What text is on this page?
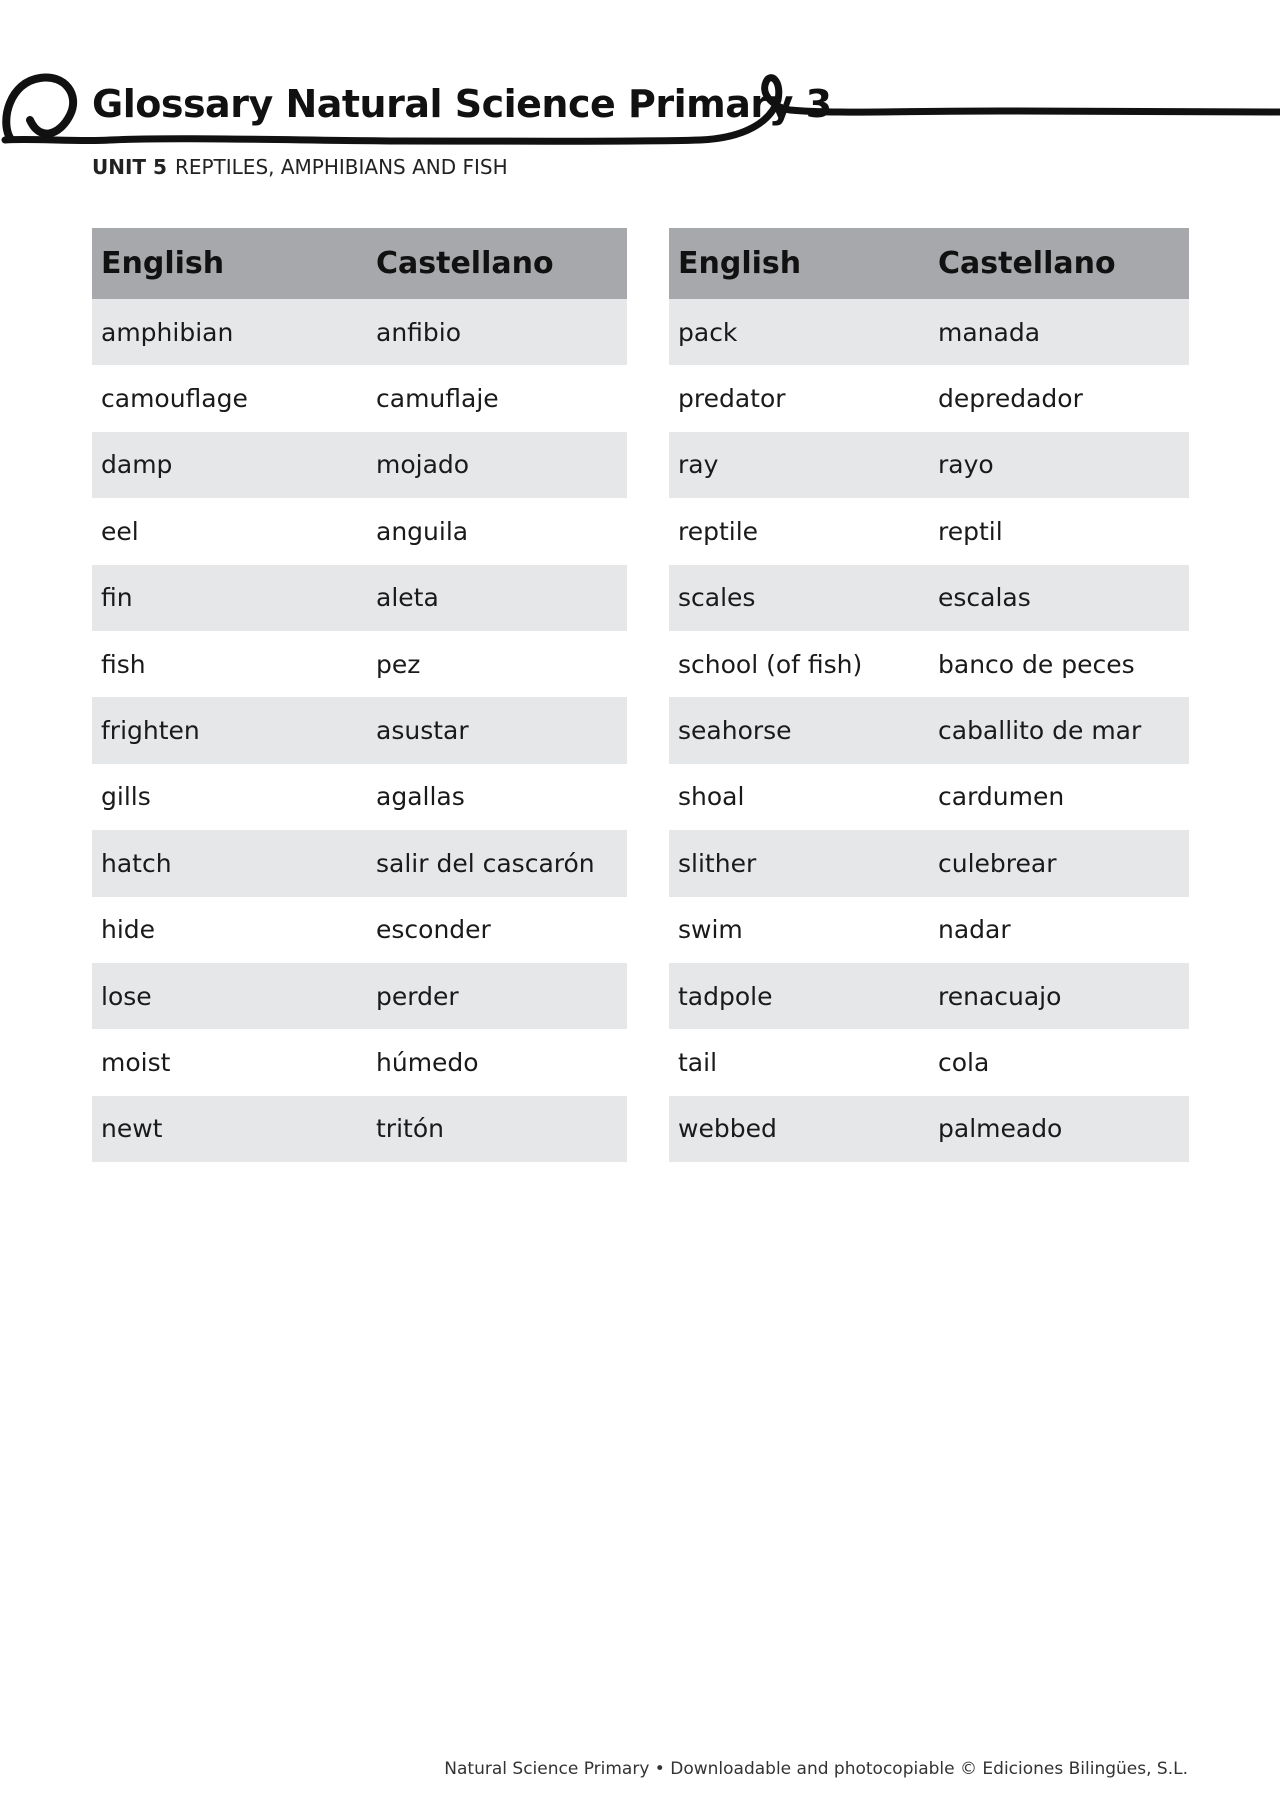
Glossary Natural Science Primary 3
UNIT 5 REPTILES, AMPHIBIANS AND FISH
English	Castellano
amphibian	anfibio
camouflage	camuflaje
damp	mojado
eel	anguila
fin	aleta
fish	pez
frighten	asustar
gills	agallas
hatch	salir del cascarón
hide	esconder
lose	perder
moist	húmedo
newt	tritón
English	Castellano
pack	manada
predator	depredador
ray	rayo
reptile	reptil
scales	escalas
school (of fish)	banco de peces
seahorse	caballito de mar
shoal	cardumen
slither	culebrear
swim	nadar
tadpole	renacuajo
tail	cola
webbed	palmeado
Natural Science Primary • Downloadable and photocopiable © Ediciones Bilingües, S.L.
